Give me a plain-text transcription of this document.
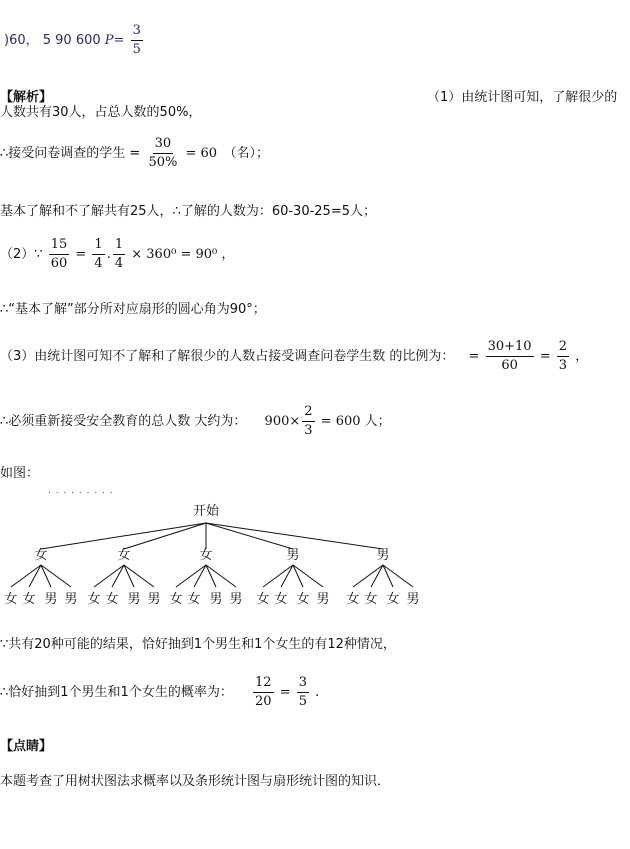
)60， 5 90 600 $P= \frac{3}{5}$
【解析】	（1）由统计图可知，了解很少的
人数共有30人，占总人数的50%，
∴接受问卷调查的学生 = $\frac{30}{50\%} = 60$　（名）；
基本了解和不了解共有25人，∴了解的人数为：60-30-25=5人；
（2）∵ $\frac{15}{60} = \frac{1}{4}$ . $\frac{1}{4} \times 360^0 = 90^0$ ，
∴“基本了解”部分所对应扇形的圆心角为90°；
（3）由统计图可知不了解和了解很少的人数占接受调查问卷学生数 的比例为： = $\frac{30+10}{60} = \frac{2}{3}$ ，
∴必须重新接受安全教育的总人数 大约为： $900\times \frac{2}{3} = 600$ 人；
如图：
. . . . . . . . .
开始
女
女 女 男 男
女
女 女 男 男
女
女 女 男 男
男
女 女 女 男
男
女 女 女 男
∵共有20种可能的结果，恰好抽到1个男生和1个女生的有12种情况，
∴恰好抽到1个男生和1个女生的概率为： $\frac{12}{20} = \frac{3}{5}$ .
【点睛】
本题考查了用树状图法求概率以及条形统计图与扇形统计图的知识．
